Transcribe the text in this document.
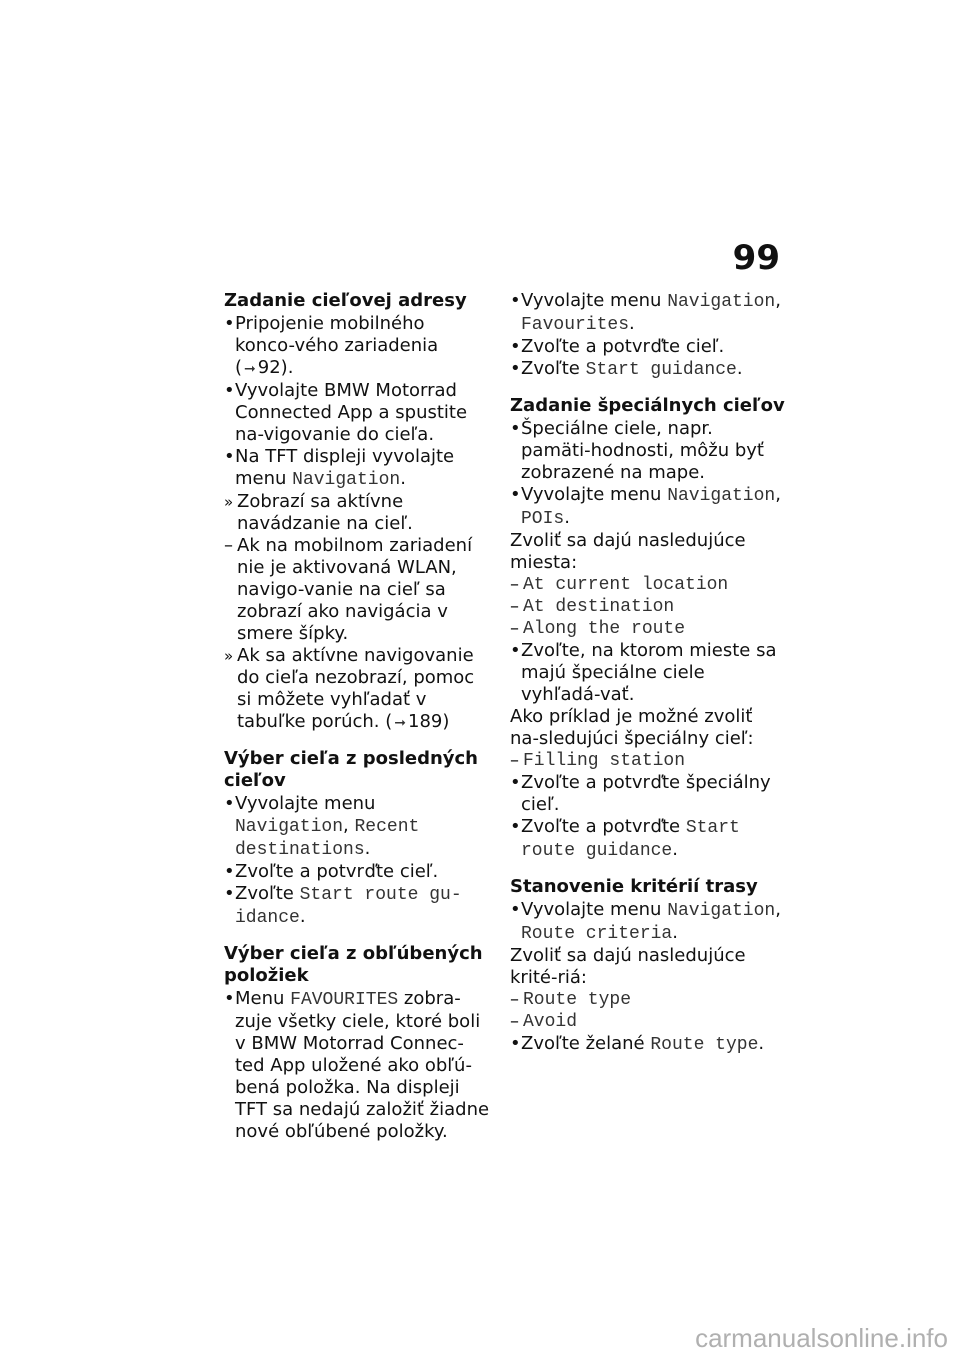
99
Zadanie cieľovej adresy
• Pripojenie mobilného konco-vého zariadenia ( ➞ 92).
• Vyvolajte BMW Motorrad Connected App a spustite na-vigovanie do cieľa.
• Na TFT displeji vyvolajte menu Navigation.
» Zobrazí sa aktívne navádzanie na cieľ.
– Ak na mobilnom zariadení nie je aktivovaná WLAN, navigo-vanie na cieľ sa zobrazí ako navigácia v smere šípky.
» Ak sa aktívne navigovanie do cieľa nezobrazí, pomoc si môžete vyhľadať v tabuľke porúch. ( ➞ 189)
Výber cieľa z posledných cieľov
• Vyvolajte menu Navigation, Recent destinations.
• Zvoľte a potvrďte cieľ.
• Zvoľte Start route gu-idance.
Výber cieľa z obľúbených položiek
• Menu FAVOURITES zobra-zuje všetky ciele, ktoré boli v BMW Motorrad Connec-ted App uložené ako obľú-bená položka. Na displeji TFT sa nedajú založiť žiadne nové obľúbené položky.
• Vyvolajte menu Navigation, Favourites.
• Zvoľte a potvrďte cieľ.
• Zvoľte Start guidance.
Zadanie špeciálnych cieľov
• Špeciálne ciele, napr. pamäti-hodnosti, môžu byť zobrazené na mape.
• Vyvolajte menu Navigation, POIs.
Zvoliť sa dajú nasledujúce miesta:
– At current location
– At destination
– Along the route
• Zvoľte, na ktorom mieste sa majú špeciálne ciele vyhľadá-vať.
Ako príklad je možné zvoliť na-sledujúci špeciálny cieľ:
– Filling station
• Zvoľte a potvrďte špeciálny cieľ.
• Zvoľte a potvrďte Start route guidance.
Stanovenie kritérií trasy
• Vyvolajte menu Navigation, Route criteria.
Zvoliť sa dajú nasledujúce krité-riá:
– Route type
– Avoid
• Zvoľte želané Route type.
carmanualsonline.info
